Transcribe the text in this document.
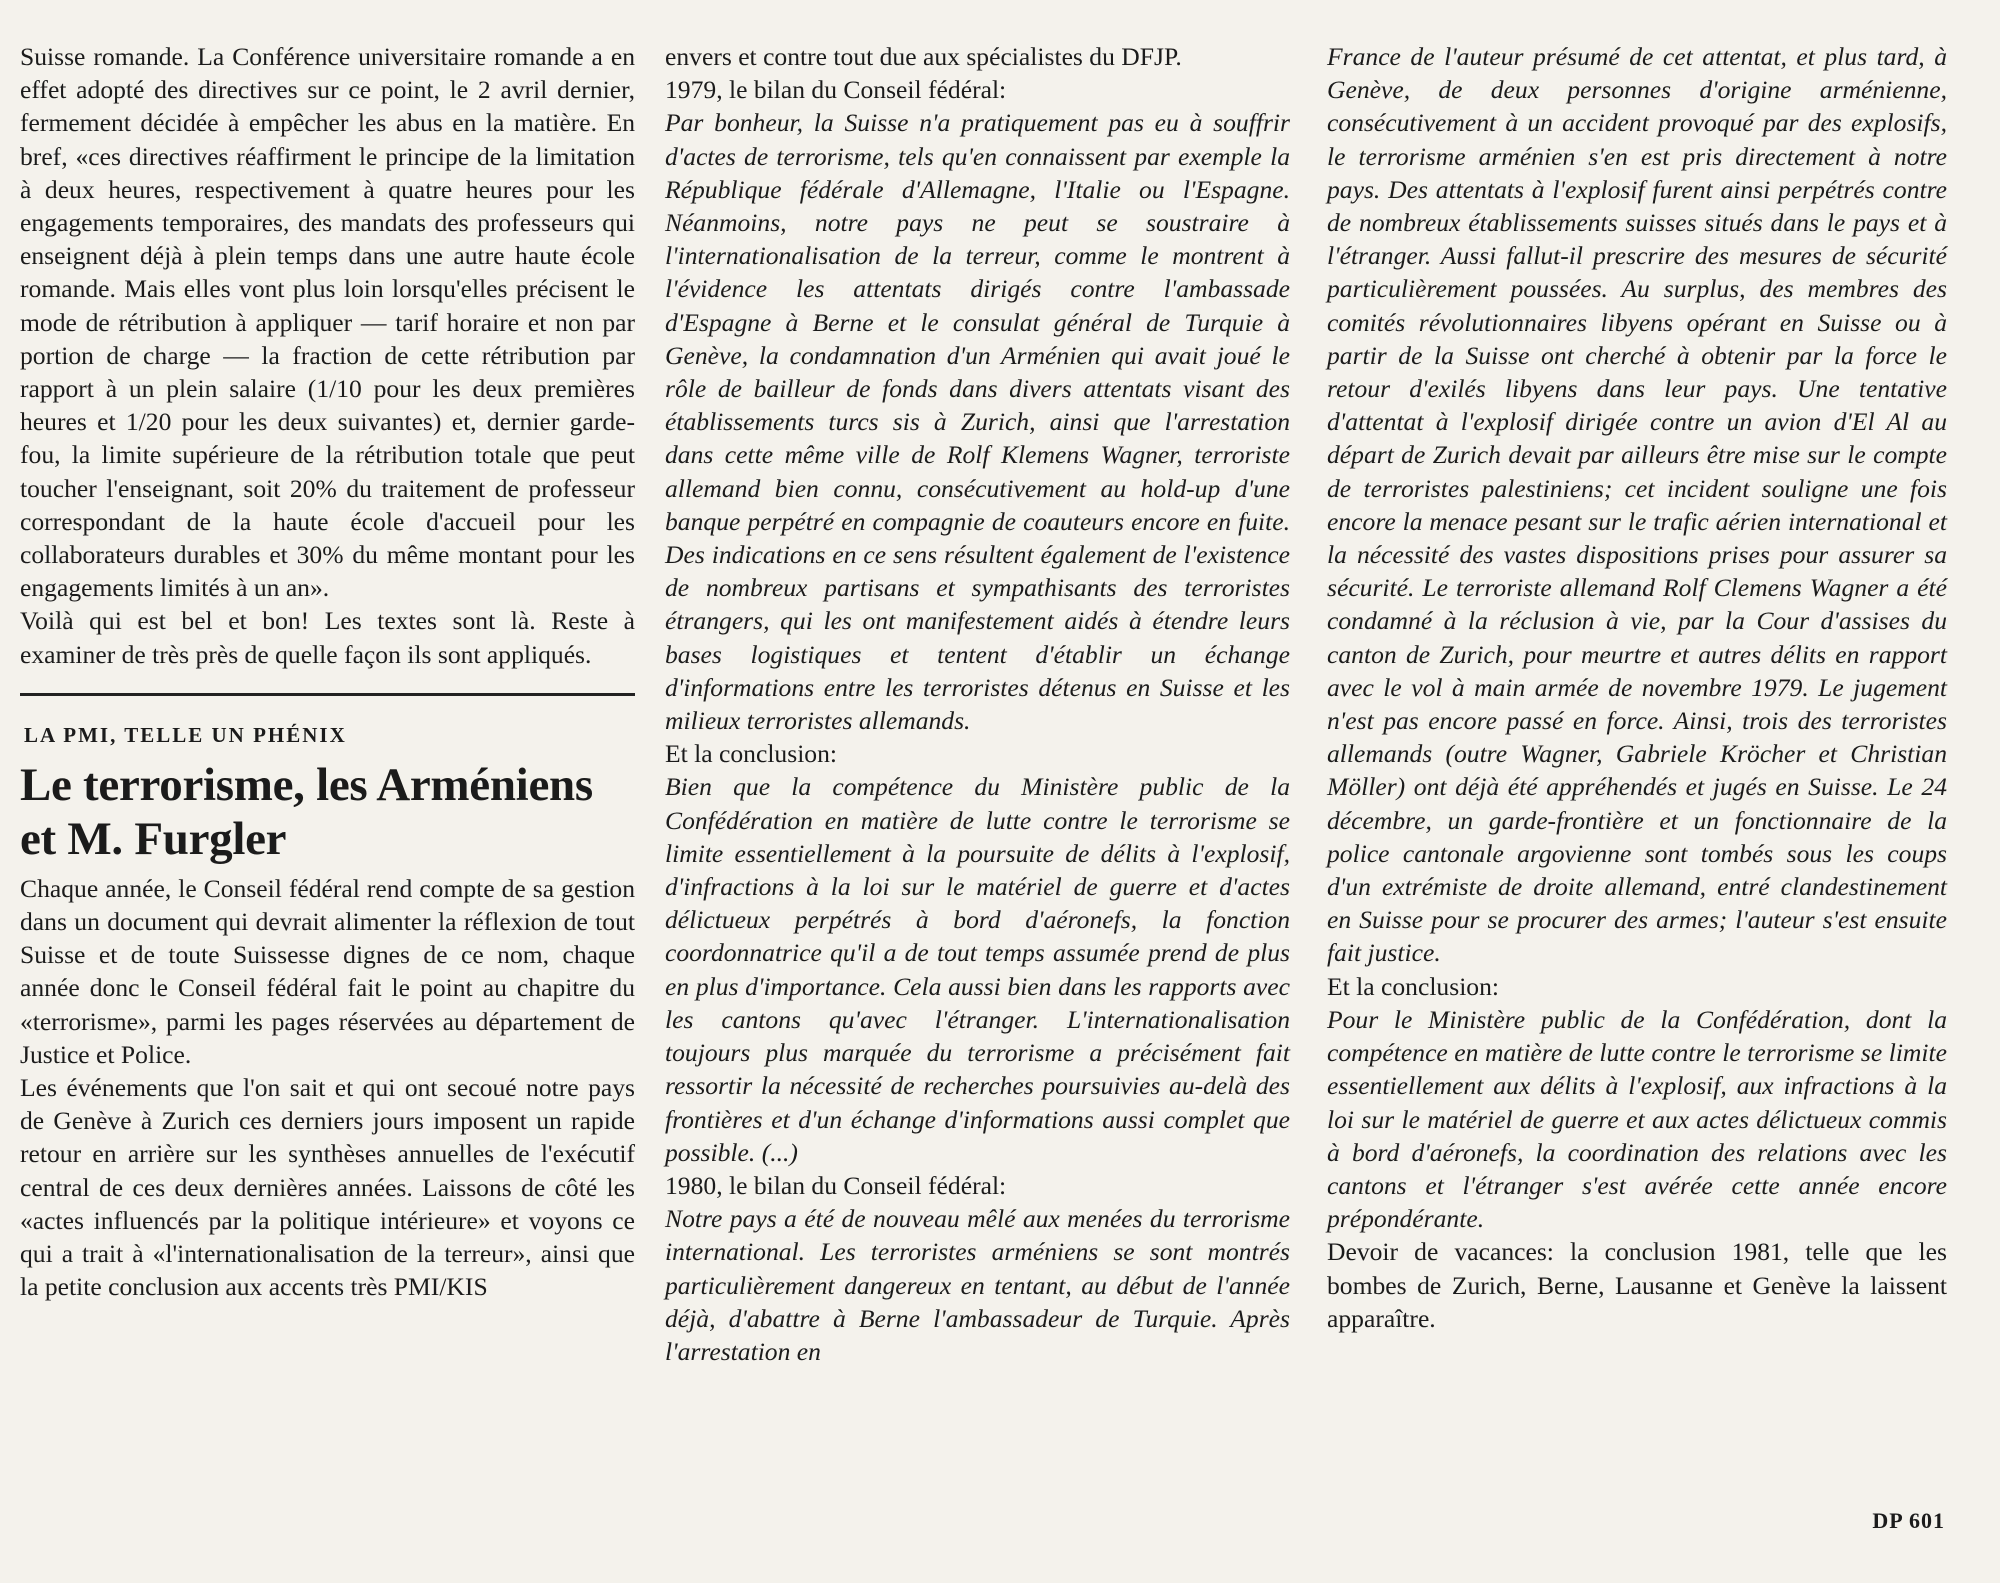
Suisse romande. La Conférence universitaire romande a en effet adopté des directives sur ce point, le 2 avril dernier, fermement décidée à empêcher les abus en la matière. En bref, «ces directives réaffirment le principe de la limitation à deux heures, respectivement à quatre heures pour les engagements temporaires, des mandats des professeurs qui enseignent déjà à plein temps dans une autre haute école romande. Mais elles vont plus loin lorsqu'elles précisent le mode de rétribution à appliquer — tarif horaire et non par portion de charge — la fraction de cette rétribution par rapport à un plein salaire (1/10 pour les deux premières heures et 1/20 pour les deux suivantes) et, dernier garde-fou, la limite supérieure de la rétribution totale que peut toucher l'enseignant, soit 20% du traitement de professeur correspondant de la haute école d'accueil pour les collaborateurs durables et 30% du même montant pour les engagements limités à un an».

Voilà qui est bel et bon! Les textes sont là. Reste à examiner de très près de quelle façon ils sont appliqués.

LA PMI, TELLE UN PHÉNIX
Le terrorisme, les Arméniens et M. Furgler

Chaque année, le Conseil fédéral rend compte de sa gestion dans un document qui devrait alimenter la réflexion de tout Suisse et de toute Suissesse dignes de ce nom, chaque année donc le Conseil fédéral fait le point au chapitre du «terrorisme», parmi les pages réservées au département de Justice et Police.

Les événements que l'on sait et qui ont secoué notre pays de Genève à Zurich ces derniers jours imposent un rapide retour en arrière sur les synthèses annuelles de l'exécutif central de ces deux dernières années. Laissons de côté les «actes influencés par la politique intérieure» et voyons ce qui a trait à «l'internationalisation de la terreur», ainsi que la petite conclusion aux accents très PMI/KIS

envers et contre tout due aux spécialistes du DFJP.

1979, le bilan du Conseil fédéral:

Par bonheur, la Suisse n'a pratiquement pas eu à souffrir d'actes de terrorisme, tels qu'en connaissent par exemple la République fédérale d'Allemagne, l'Italie ou l'Espagne. Néanmoins, notre pays ne peut se soustraire à l'internationalisation de la terreur, comme le montrent à l'évidence les attentats dirigés contre l'ambassade d'Espagne à Berne et le consulat général de Turquie à Genève, la condamnation d'un Arménien qui avait joué le rôle de bailleur de fonds dans divers attentats visant des établissements turcs sis à Zurich, ainsi que l'arrestation dans cette même ville de Rolf Klemens Wagner, terroriste allemand bien connu, consécutivement au hold-up d'une banque perpétré en compagnie de coauteurs encore en fuite. Des indications en ce sens résultent également de l'existence de nombreux partisans et sympathisants des terroristes étrangers, qui les ont manifestement aidés à étendre leurs bases logistiques et tentent d'établir un échange d'informations entre les terroristes détenus en Suisse et les milieux terroristes allemands.

Et la conclusion:

Bien que la compétence du Ministère public de la Confédération en matière de lutte contre le terrorisme se limite essentiellement à la poursuite de délits à l'explosif, d'infractions à la loi sur le matériel de guerre et d'actes délictueux perpétrés à bord d'aéronefs, la fonction coordonnatrice qu'il a de tout temps assumée prend de plus en plus d'importance. Cela aussi bien dans les rapports avec les cantons qu'avec l'étranger. L'internationalisation toujours plus marquée du terrorisme a précisément fait ressortir la nécessité de recherches poursuivies au-delà des frontières et d'un échange d'informations aussi complet que possible. (...)

1980, le bilan du Conseil fédéral:

Notre pays a été de nouveau mêlé aux menées du terrorisme international. Les terroristes arméniens se sont montrés particulièrement dangereux en tentant, au début de l'année déjà, d'abattre à Berne l'ambassadeur de Turquie. Après l'arrestation en

France de l'auteur présumé de cet attentat, et plus tard, à Genève, de deux personnes d'origine arménienne, consécutivement à un accident provoqué par des explosifs, le terrorisme arménien s'en est pris directement à notre pays. Des attentats à l'explosif furent ainsi perpétrés contre de nombreux établissements suisses situés dans le pays et à l'étranger. Aussi fallut-il prescrire des mesures de sécurité particulièrement poussées. Au surplus, des membres des comités révolutionnaires libyens opérant en Suisse ou à partir de la Suisse ont cherché à obtenir par la force le retour d'exilés libyens dans leur pays. Une tentative d'attentat à l'explosif dirigée contre un avion d'El Al au départ de Zurich devait par ailleurs être mise sur le compte de terroristes palestiniens; cet incident souligne une fois encore la menace pesant sur le trafic aérien international et la nécessité des vastes dispositions prises pour assurer sa sécurité. Le terroriste allemand Rolf Clemens Wagner a été condamné à la réclusion à vie, par la Cour d'assises du canton de Zurich, pour meurtre et autres délits en rapport avec le vol à main armée de novembre 1979. Le jugement n'est pas encore passé en force. Ainsi, trois des terroristes allemands (outre Wagner, Gabriele Kröcher et Christian Möller) ont déjà été appréhendés et jugés en Suisse. Le 24 décembre, un garde-frontière et un fonctionnaire de la police cantonale argovienne sont tombés sous les coups d'un extrémiste de droite allemand, entré clandestinement en Suisse pour se procurer des armes; l'auteur s'est ensuite fait justice.

Et la conclusion:

Pour le Ministère public de la Confédération, dont la compétence en matière de lutte contre le terrorisme se limite essentiellement aux délits à l'explosif, aux infractions à la loi sur le matériel de guerre et aux actes délictueux commis à bord d'aéronefs, la coordination des relations avec les cantons et l'étranger s'est avérée cette année encore prépondérante.

Devoir de vacances: la conclusion 1981, telle que les bombes de Zurich, Berne, Lausanne et Genève la laissent apparaître.

DP 601
